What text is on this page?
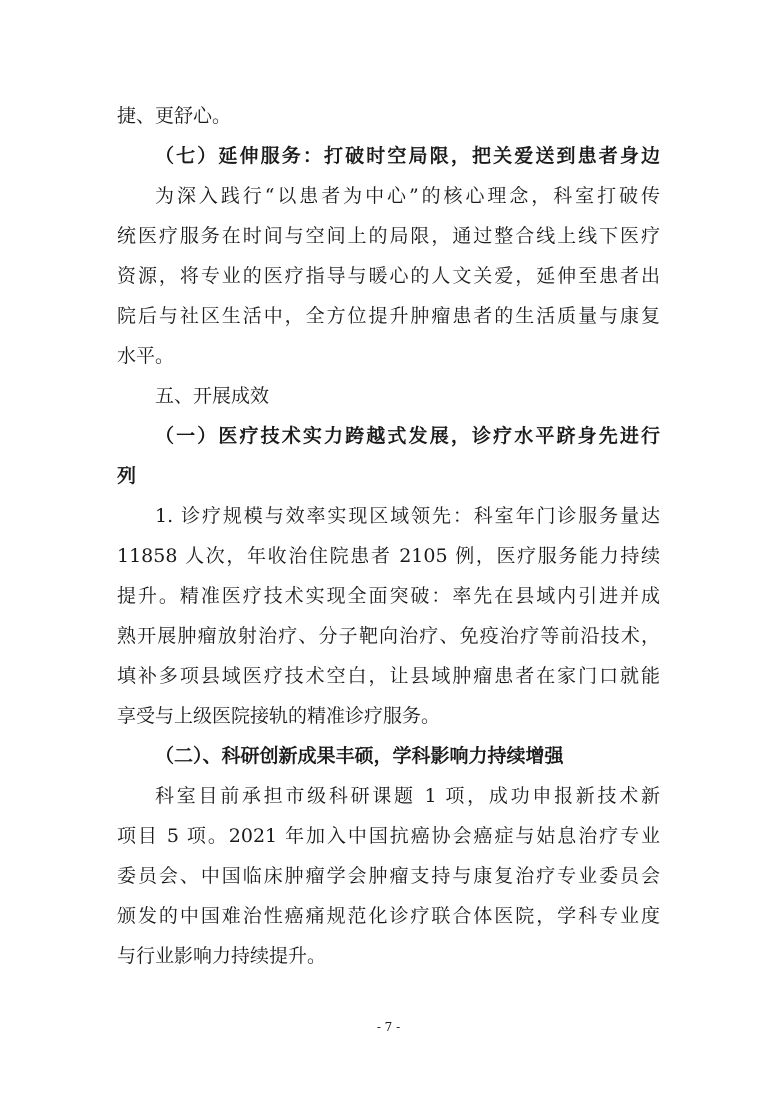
捷、更舒心。
（七）延伸服务：打破时空局限，把关爱送到患者身边
为深入践行“以患者为中心”的核心理念，科室打破传
统医疗服务在时间与空间上的局限，通过整合线上线下医疗
资源，将专业的医疗指导与暖心的人文关爱，延伸至患者出
院后与社区生活中，全方位提升肿瘤患者的生活质量与康复
水平。
五、开展成效
（一）医疗技术实力跨越式发展，诊疗水平跻身先进行
列
1. 诊疗规模与效率实现区域领先：科室年门诊服务量达
11858 人次，年收治住院患者 2105 例，医疗服务能力持续
提升。精准医疗技术实现全面突破：率先在县域内引进并成
熟开展肿瘤放射治疗、分子靶向治疗、免疫治疗等前沿技术，
填补多项县域医疗技术空白，让县域肿瘤患者在家门口就能
享受与上级医院接轨的精准诊疗服务。
（二）、科研创新成果丰硕，学科影响力持续增强
科室目前承担市级科研课题 1 项，成功申报新技术新
项目 5 项。2021 年加入中国抗癌协会癌症与姑息治疗专业
委员会、中国临床肿瘤学会肿瘤支持与康复治疗专业委员会
颁发的中国难治性癌痛规范化诊疗联合体医院，学科专业度
与行业影响力持续提升。
- 7 -
